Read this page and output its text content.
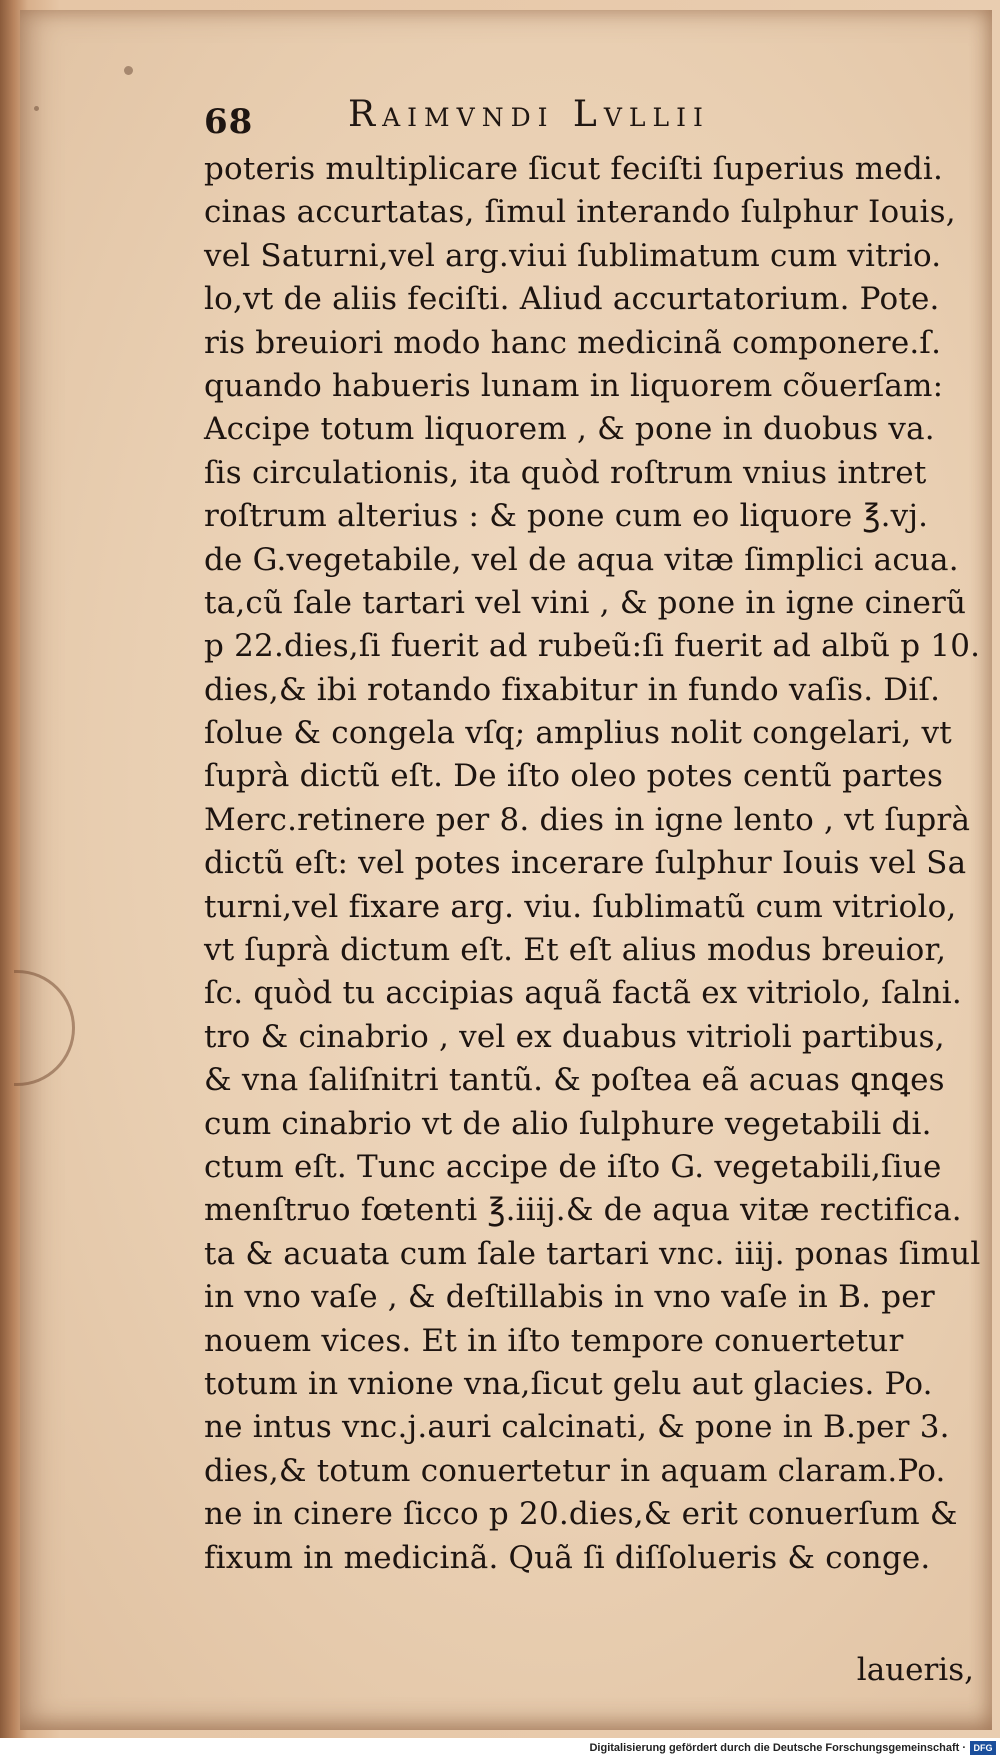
68	Raimvndi Lvllii
poteris multiplicare ſicut feciſti ſuperius medi.
cinas accurtatas, ſimul interando ſulphur Iouis,
vel Saturni,vel arg.viui ſublimatum cum vitrio.
lo,vt de aliis feciſti. Aliud accurtatorium. Pote.
ris breuiori modo hanc medicinã componere.ſ.
quando habueris lunam in liquorem cõuerſam:
Accipe totum liquorem , & pone in duobus va.
ſis circulationis, ita quòd roſtrum vnius intret
roſtrum alterius : & pone cum eo liquore ℥.vj.
de G.vegetabile, vel de aqua vitæ ſimplici acua.
ta,cũ ſale tartari vel vini , & pone in igne cinerũ
p 22.dies,ſi fuerit ad rubeũ:ſi fuerit ad albũ p 10.
dies,& ibi rotando fixabitur in fundo vaſis. Diſ.
ſolue & congela vſq; amplius nolit congelari, vt
ſuprà dictũ eſt. De iſto oleo potes centũ partes
Merc.retinere per 8. dies in igne lento , vt ſuprà
dictũ eſt: vel potes incerare ſulphur Iouis vel Sa
turni,vel fixare arg. viu. ſublimatũ cum vitriolo,
vt ſuprà dictum eſt. Et eſt alius modus breuior,
ſc. quòd tu accipias aquã factã ex vitriolo, ſalni.
tro & cinabrio , vel ex duabus vitrioli partibus,
& vna ſaliſnitri tantũ. & poſtea eã acuas ꝗnꝗes
cum cinabrio vt de alio ſulphure vegetabili di.
ctum eſt. Tunc accipe de iſto G. vegetabili,ſiue
menſtruo fœtenti ℥.iiij.& de aqua vitæ rectifica.
ta & acuata cum ſale tartari vnc. iiij. ponas ſimul
in vno vaſe , & deſtillabis in vno vaſe in B. per
nouem vices. Et in iſto tempore conuertetur
totum in vnione vna,ſicut gelu aut glacies. Po.
ne intus vnc.j.auri calcinati, & pone in B.per 3.
dies,& totum conuertetur in aquam claram.Po.
ne in cinere ſicco p 20.dies,& erit conuerſum &
fixum in medicinã. Quã ſi diſſolueris & conge.
laueris,
Digitalisierung gefördert durch die Deutsche Forschungsgemeinschaft · DFG
